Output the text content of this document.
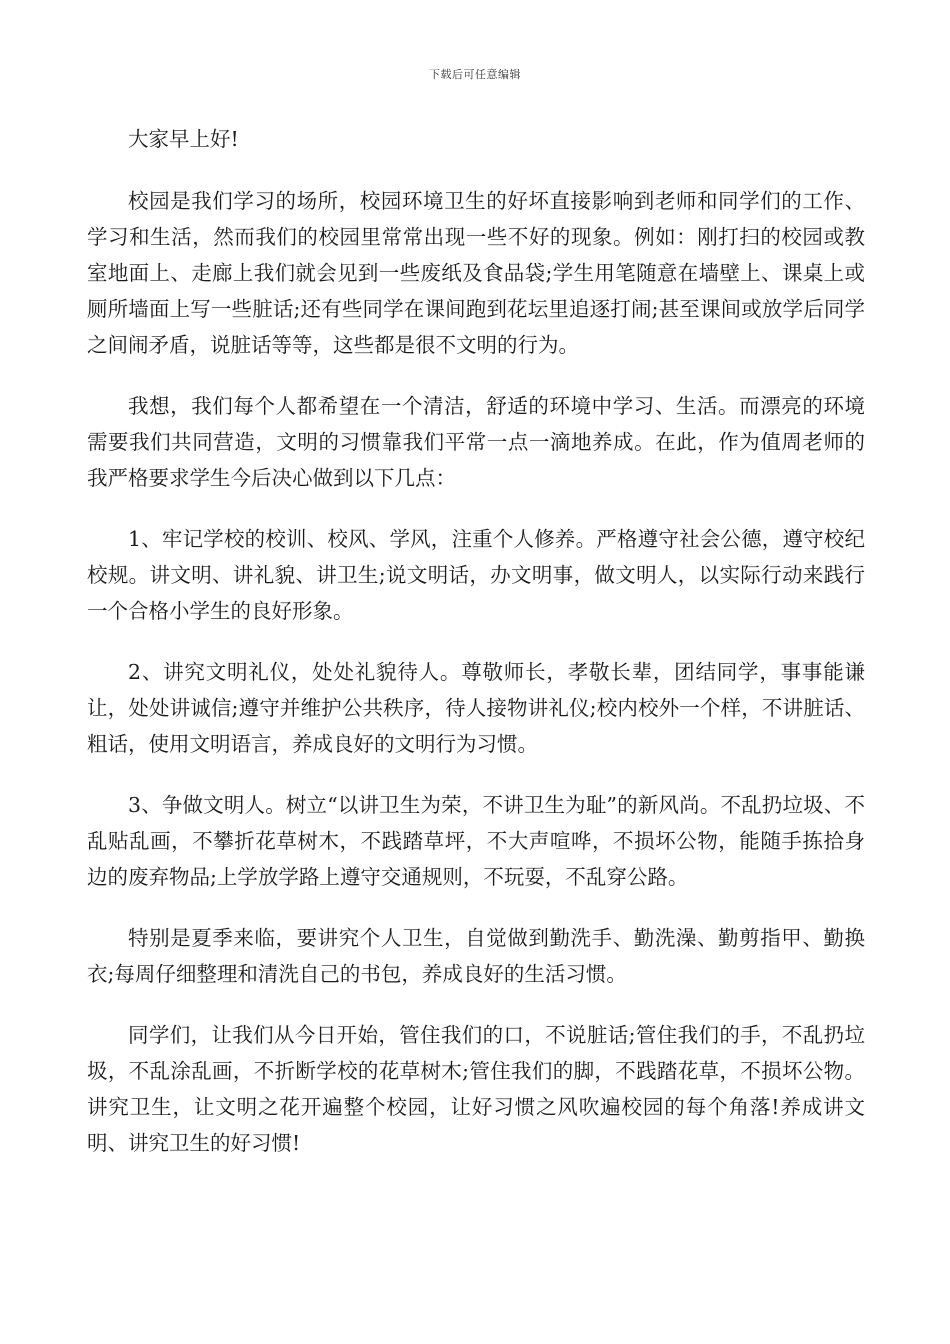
下载后可任意编辑

大家早上好!

校园是我们学习的场所，校园环境卫生的好坏直接影响到老师和同学们的工作、学习和生活，然而我们的校园里常常出现一些不好的现象。例如：刚打扫的校园或教室地面上、走廊上我们就会见到一些废纸及食品袋;学生用笔随意在墙壁上、课桌上或厕所墙面上写一些脏话;还有些同学在课间跑到花坛里追逐打闹;甚至课间或放学后同学之间闹矛盾，说脏话等等，这些都是很不文明的行为。

我想，我们每个人都希望在一个清洁，舒适的环境中学习、生活。而漂亮的环境需要我们共同营造，文明的习惯靠我们平常一点一滴地养成。在此，作为值周老师的我严格要求学生今后决心做到以下几点：

1、牢记学校的校训、校风、学风，注重个人修养。严格遵守社会公德，遵守校纪校规。讲文明、讲礼貌、讲卫生;说文明话，办文明事，做文明人，以实际行动来践行一个合格小学生的良好形象。

2、讲究文明礼仪，处处礼貌待人。尊敬师长，孝敬长辈，团结同学，事事能谦让，处处讲诚信;遵守并维护公共秩序，待人接物讲礼仪;校内校外一个样，不讲脏话、粗话，使用文明语言，养成良好的文明行为习惯。

3、争做文明人。树立“以讲卫生为荣，不讲卫生为耻”的新风尚。不乱扔垃圾、不乱贴乱画，不攀折花草树木，不践踏草坪，不大声喧哗，不损坏公物，能随手拣拾身边的废弃物品;上学放学路上遵守交通规则，不玩耍，不乱穿公路。

特别是夏季来临，要讲究个人卫生，自觉做到勤洗手、勤洗澡、勤剪指甲、勤换衣;每周仔细整理和清洗自己的书包，养成良好的生活习惯。

同学们，让我们从今日开始，管住我们的口，不说脏话;管住我们的手，不乱扔垃圾，不乱涂乱画，不折断学校的花草树木;管住我们的脚，不践踏花草，不损坏公物。讲究卫生，让文明之花开遍整个校园，让好习惯之风吹遍校园的每个角落!养成讲文明、讲究卫生的好习惯!
